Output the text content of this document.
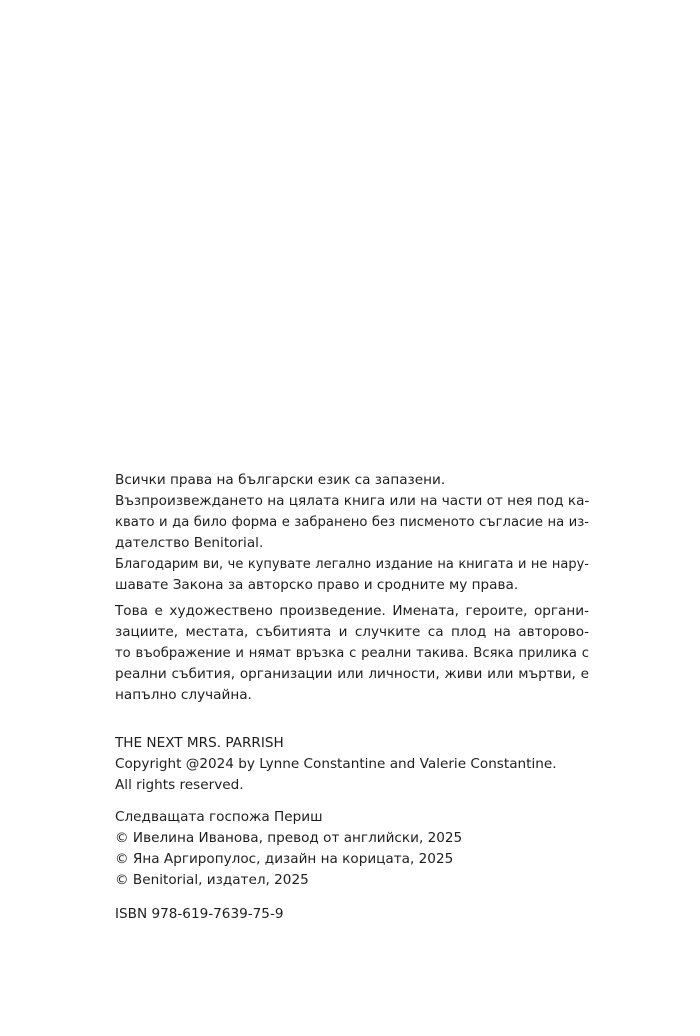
Всички права на български език са запазени.
Възпроизвеждането на цялата книга или на части от нея под ка-
квато и да било форма е забранено без писменото съгласие на из-
дателство Benitorial.
Благодарим ви, че купувате легално издание на книгата и не нару-
шавате Закона за авторско право и сродните му права.
Това е художествено произведение. Имената, героите, органи-
зациите, местата, събитията и случките са плод на авторово-
то въображение и нямат връзка с реални такива. Всяка прилика с
реални събития, организации или личности, живи или мъртви, е
напълно случайна.
THE NEXT MRS. PARRISH
Copyright @2024 by Lynne Constantine and Valerie Constantine.
All rights reserved.
Следващата госпожа Периш
© Ивелина Иванова, превод от английски, 2025
© Яна Аргиропулос, дизайн на корицата, 2025
© Benitorial, издател, 2025
ISBN 978-619-7639-75-9
